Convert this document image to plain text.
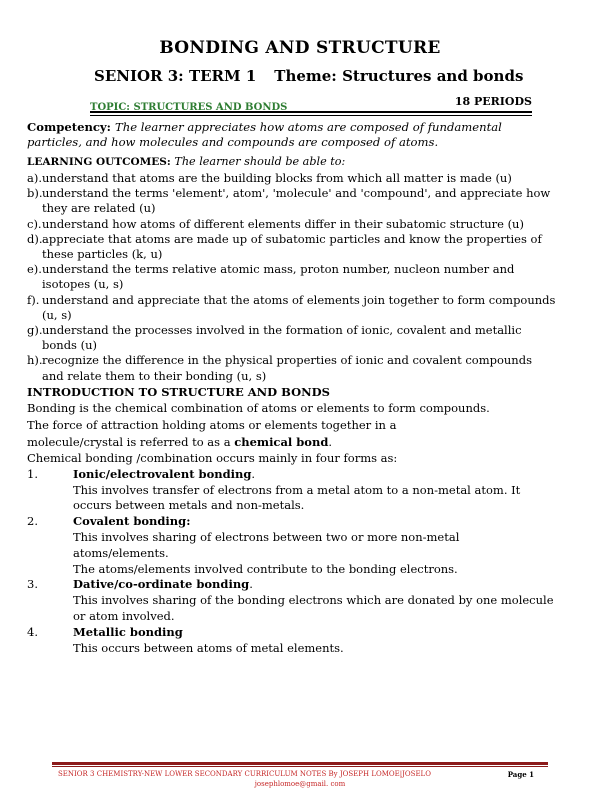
BONDING AND STRUCTURE
SENIOR 3: TERM 1 Theme: Structures and bonds
TOPIC: STRUCTURES AND BONDS	18 PERIODS

Competency: The learner appreciates how atoms are composed of fundamental particles, and how molecules and compounds are composed of atoms.

LEARNING OUTCOMES: The learner should be able to:

a). understand that atoms are the building blocks from which all matter is made (u)
b). understand the terms 'element', atom', 'molecule' and 'compound', and appreciate how they are related (u)
c). understand how atoms of different elements differ in their subatomic structure (u)
d). appreciate that atoms are made up of subatomic particles and know the properties of these particles (k, u)
e). understand the terms relative atomic mass, proton number, nucleon number and isotopes (u, s)
f). understand and appreciate that the atoms of elements join together to form compounds (u, s)
g). understand the processes involved in the formation of ionic, covalent and metallic bonds (u)
h). recognize the difference in the physical properties of ionic and covalent compounds and relate them to their bonding (u, s)

INTRODUCTION TO STRUCTURE AND BONDS

Bonding is the chemical combination of atoms or elements to form compounds.

The force of attraction holding atoms or elements together in a

molecule/crystal is referred to as a chemical bond.

Chemical bonding /combination occurs mainly in four forms as:

1.	Ionic/electrovalent bonding.
This involves transfer of electrons from a metal atom to a non-metal atom. It occurs between metals and non-metals.
2.	Covalent bonding:
This involves sharing of electrons between two or more non-metal atoms/elements.
The atoms/elements involved contribute to the bonding electrons.
3.	Dative/co-ordinate bonding.
This involves sharing of the bonding electrons which are donated by one molecule or atom involved.
4.	Metallic bonding
This occurs between atoms of metal elements.
SENIOR 3 CHEMISTRY-NEW LOWER SECONDARY CURRICULUM NOTES By JOSEPH LOMOE|JOSELO	Page 1
josephlomoe@gmail. com
